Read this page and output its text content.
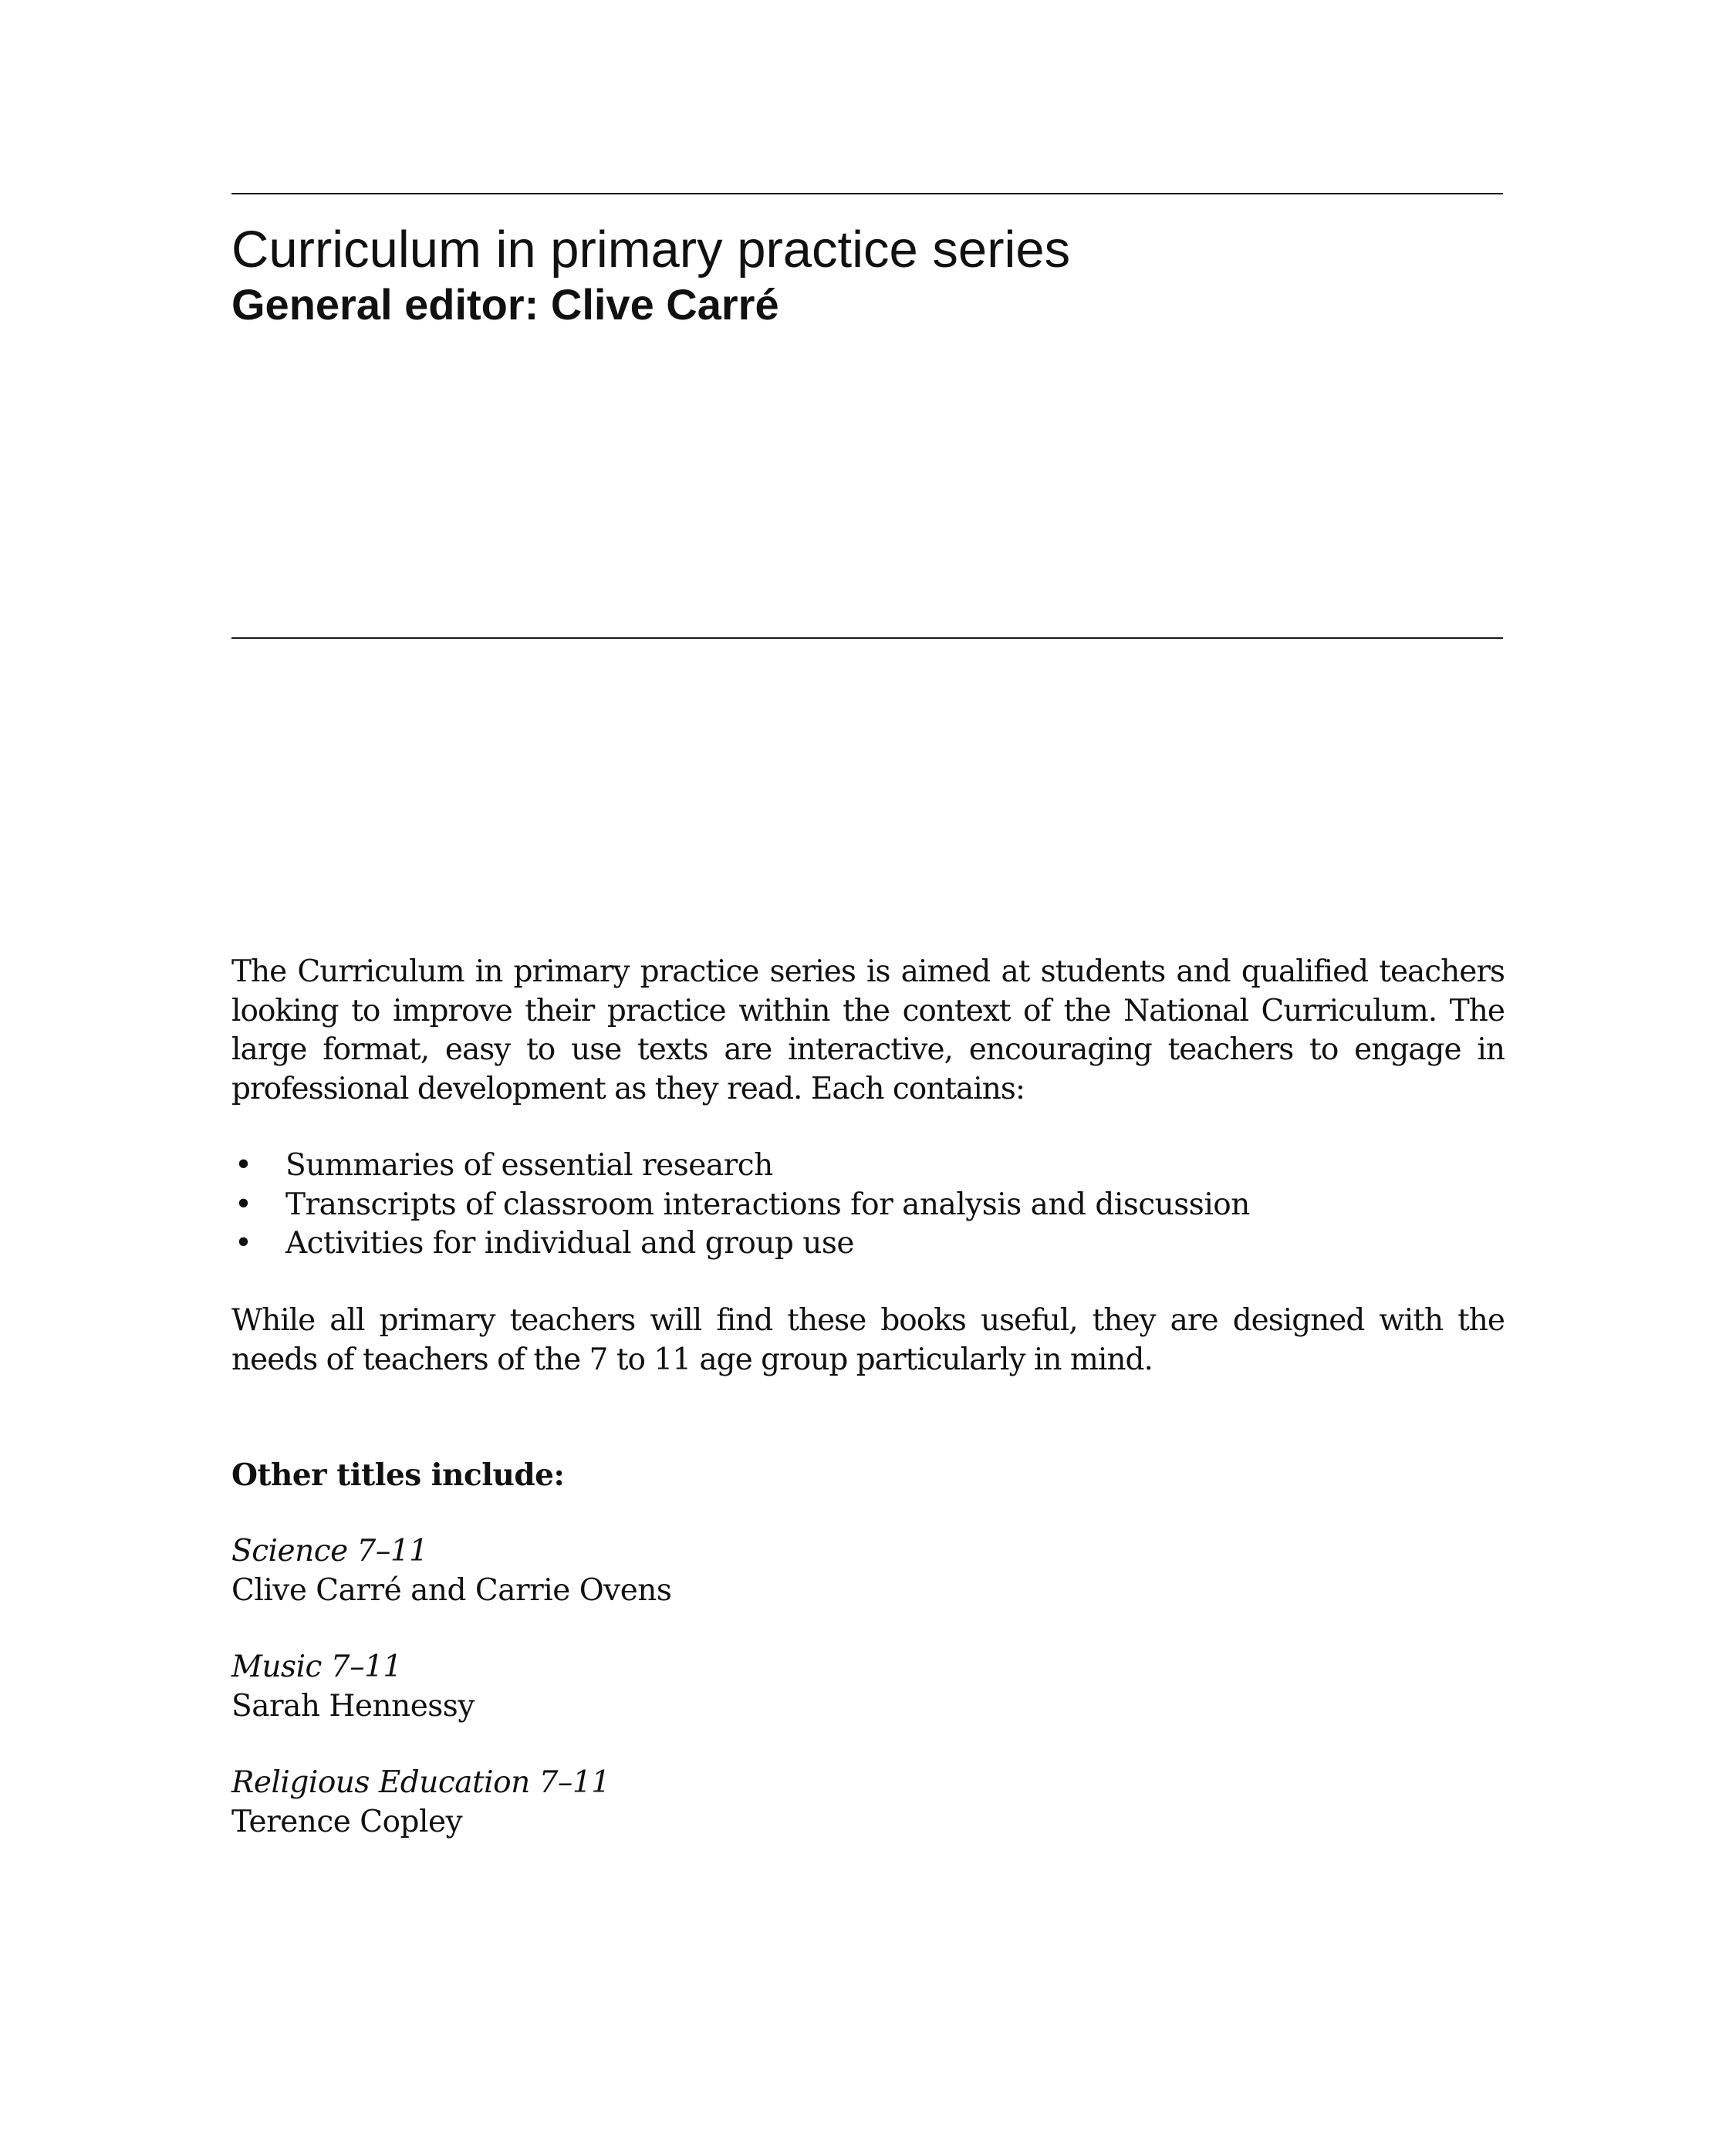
Curriculum in primary practice series
General editor: Clive Carré

The Curriculum in primary practice series is aimed at students and qualified teachers looking to improve their practice within the context of the National Curriculum. The large format, easy to use texts are interactive, encouraging teachers to engage in professional development as they read. Each contains:

• Summaries of essential research
• Transcripts of classroom interactions for analysis and discussion
• Activities for individual and group use

While all primary teachers will find these books useful, they are designed with the needs of teachers of the 7 to 11 age group particularly in mind.

Other titles include:

Science 7–11
Clive Carré and Carrie Ovens
Music 7–11
Sarah Hennessy
Religious Education 7–11
Terence Copley
